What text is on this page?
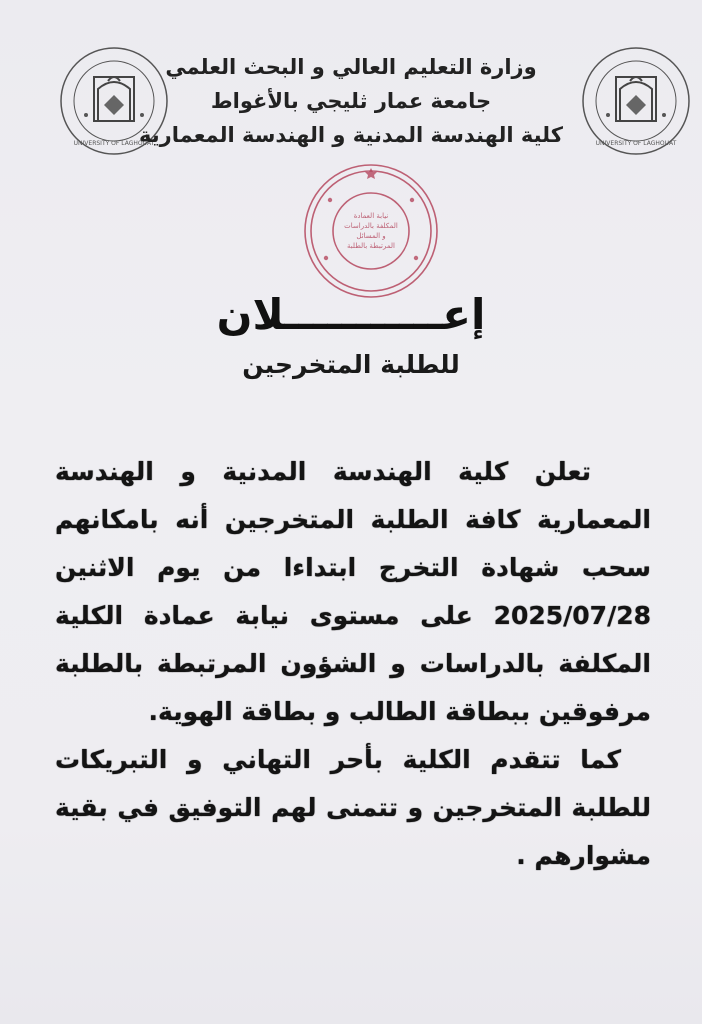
UNIVERSITY OF LAGHOUAT	UNIVERSITY OF LAGHOUAT
وزارة التعليم العالي و البحث العلمي
جامعة عمار ثليجي بالأغواط
كلية الهندسة المدنية و الهندسة المعمارية
نيابة العمادة
المكلفة بالدراسات
و المسائل
المرتبطة بالطلبة
إعـــــــــــلان
للطلبة المتخرجين

تعلن كلية الهندسة المدنية و الهندسة المعمارية كافة الطلبة المتخرجين أنه بامكانهم سحب شهادة التخرج ابتداءا من يوم الاثنين 2025/07/28 على مستوى نيابة عمادة الكلية المكلفة بالدراسات و الشؤون المرتبطة بالطلبة مرفوقين ببطاقة الطالب و بطاقة الهوية.

كما تتقدم الكلية بأحر التهاني و التبريكات للطلبة المتخرجين و تتمنى لهم التوفيق في بقية مشوارهم .
